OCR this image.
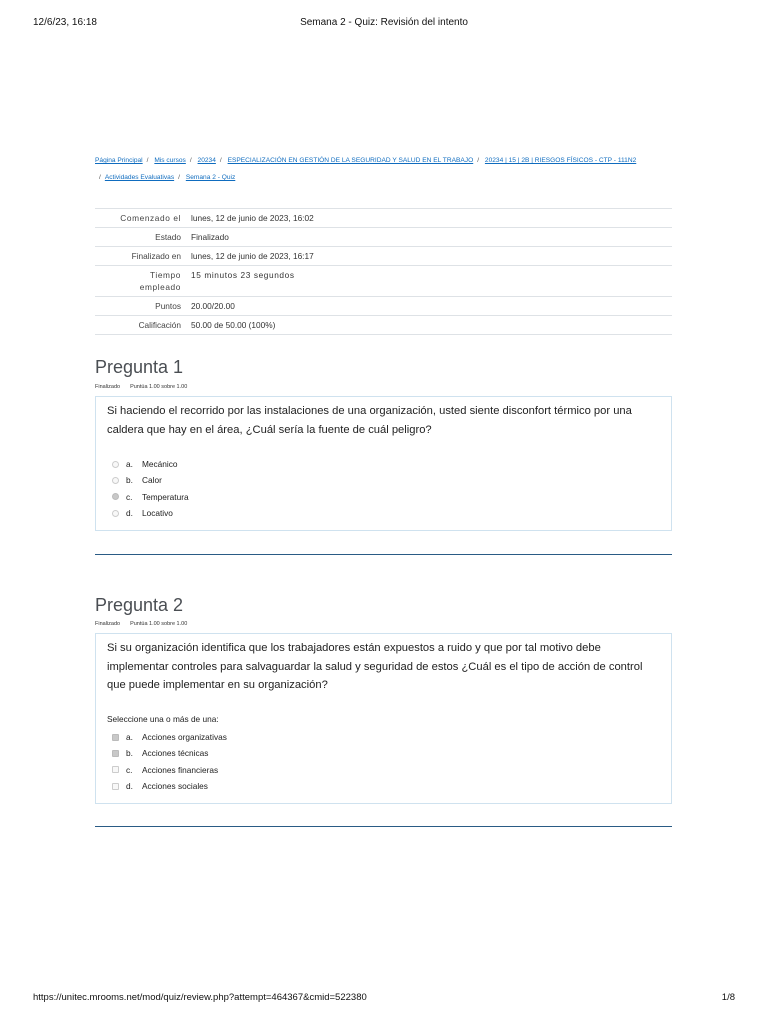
12/6/23, 16:18	Semana 2 - Quiz: Revisión del intento
Página Principal / Mis cursos / 20234 / ESPECIALIZACIÓN EN GESTIÓN DE LA SEGURIDAD Y SALUD EN EL TRABAJO / 20234 | 15 | 2B | RIESGOS FÍSICOS - CTP - 111N2
/ Actividades Evaluativas / Semana 2 - Quiz
Comenzado el	lunes, 12 de junio de 2023, 16:02
Estado	Finalizado
Finalizado en	lunes, 12 de junio de 2023, 16:17
Tiempo
empleado	15 minutos 23 segundos
Puntos	20.00/20.00
Calificación	50.00 de 50.00 (100%)
Pregunta 1
Finalizado Puntúa 1.00 sobre 1.00

Si haciendo el recorrido por las instalaciones de una organización, usted siente disconfort térmico por una caldera que hay en el área, ¿Cuál sería la fuente de cuál peligro?

a.	Mecánico
b.	Calor
c.	Temperatura
d.	Locativo
Pregunta 2
Finalizado Puntúa 1.00 sobre 1.00

Si su organización identifica que los trabajadores están expuestos a ruido y que por tal motivo debe implementar controles para salvaguardar la salud y seguridad de estos ¿Cuál es el tipo de acción de control que puede implementar en su organización?

Seleccione una o más de una:
a.	Acciones organizativas
b.	Acciones técnicas
c.	Acciones financieras
d.	Acciones sociales
https://unitec.mrooms.net/mod/quiz/review.php?attempt=464367&cmid=522380	1/8
